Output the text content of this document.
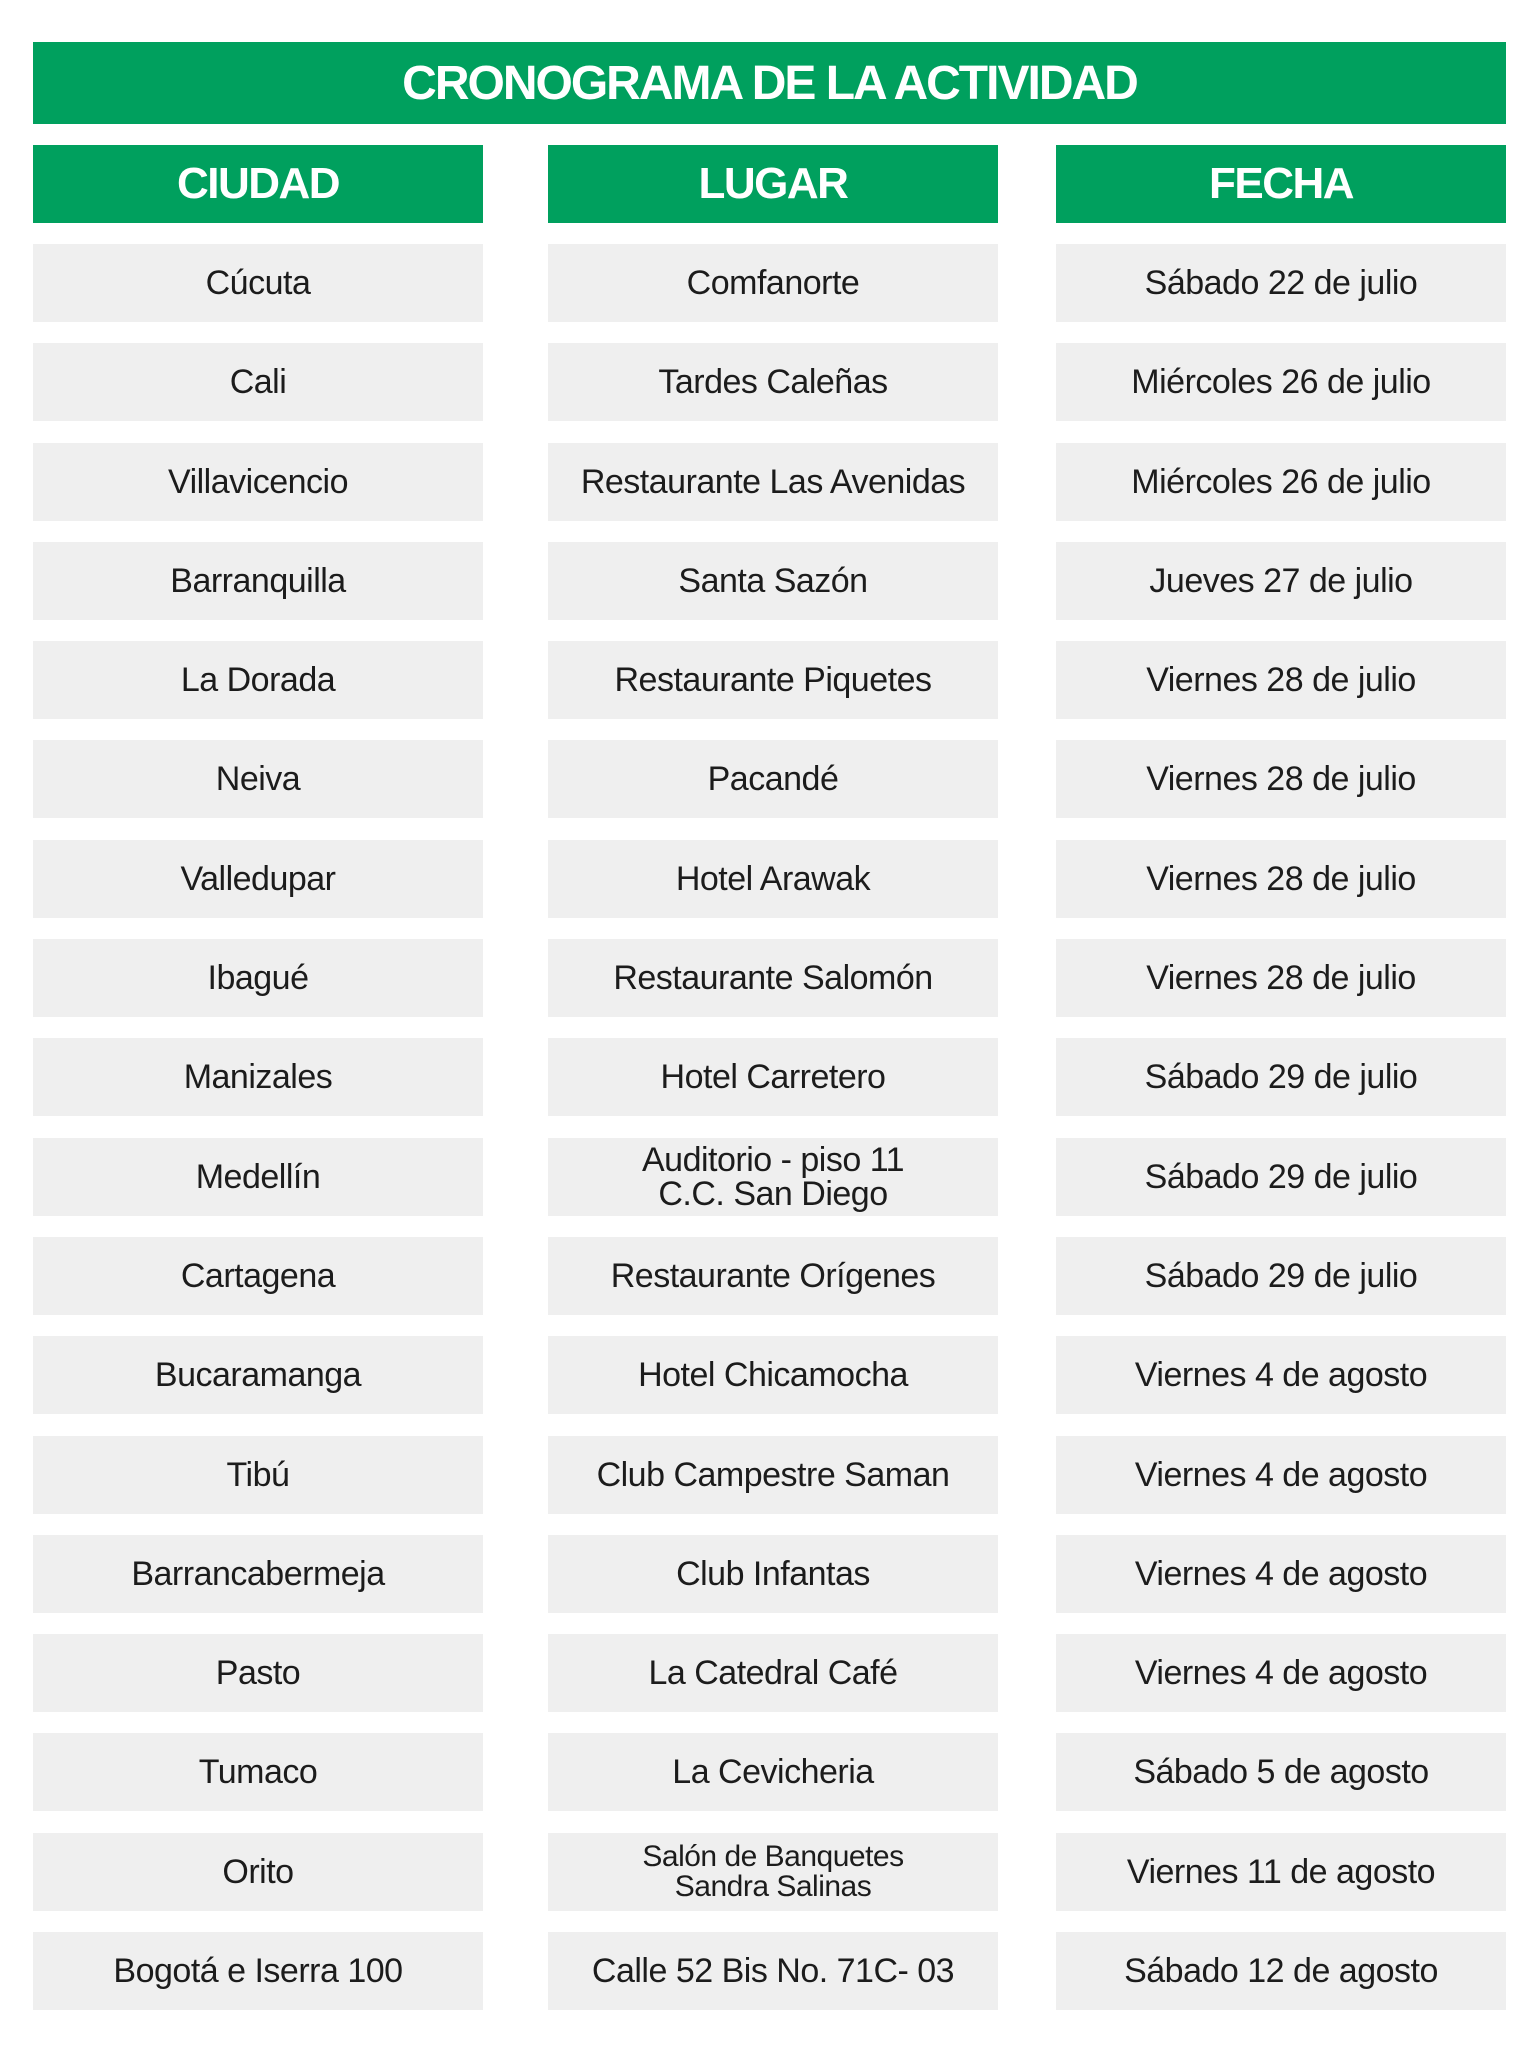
CRONOGRAMA DE LA ACTIVIDAD
CIUDAD
Cúcuta
Cali
Villavicencio
Barranquilla
La Dorada
Neiva
Valledupar
Ibagué
Manizales
Medellín
Cartagena
Bucaramanga
Tibú
Barrancabermeja
Pasto
Tumaco
Orito
Bogotá e Iserra 100
LUGAR
Comfanorte
Tardes Caleñas
Restaurante Las Avenidas
Santa Sazón
Restaurante Piquetes
Pacandé
Hotel Arawak
Restaurante Salomón
Hotel Carretero
Auditorio - piso 11
C.C. San Diego
Restaurante Orígenes
Hotel Chicamocha
Club Campestre Saman
Club Infantas
La Catedral Café
La Cevicheria
Salón de Banquetes
Sandra Salinas
Calle 52 Bis No. 71C- 03
FECHA
Sábado 22 de julio
Miércoles 26 de julio
Miércoles 26 de julio
Jueves 27 de julio
Viernes 28 de julio
Viernes 28 de julio
Viernes 28 de julio
Viernes 28 de julio
Sábado 29 de julio
Sábado 29 de julio
Sábado 29 de julio
Viernes 4 de agosto
Viernes 4 de agosto
Viernes 4 de agosto
Viernes 4 de agosto
Sábado 5 de agosto
Viernes 11 de agosto
Sábado 12 de agosto
